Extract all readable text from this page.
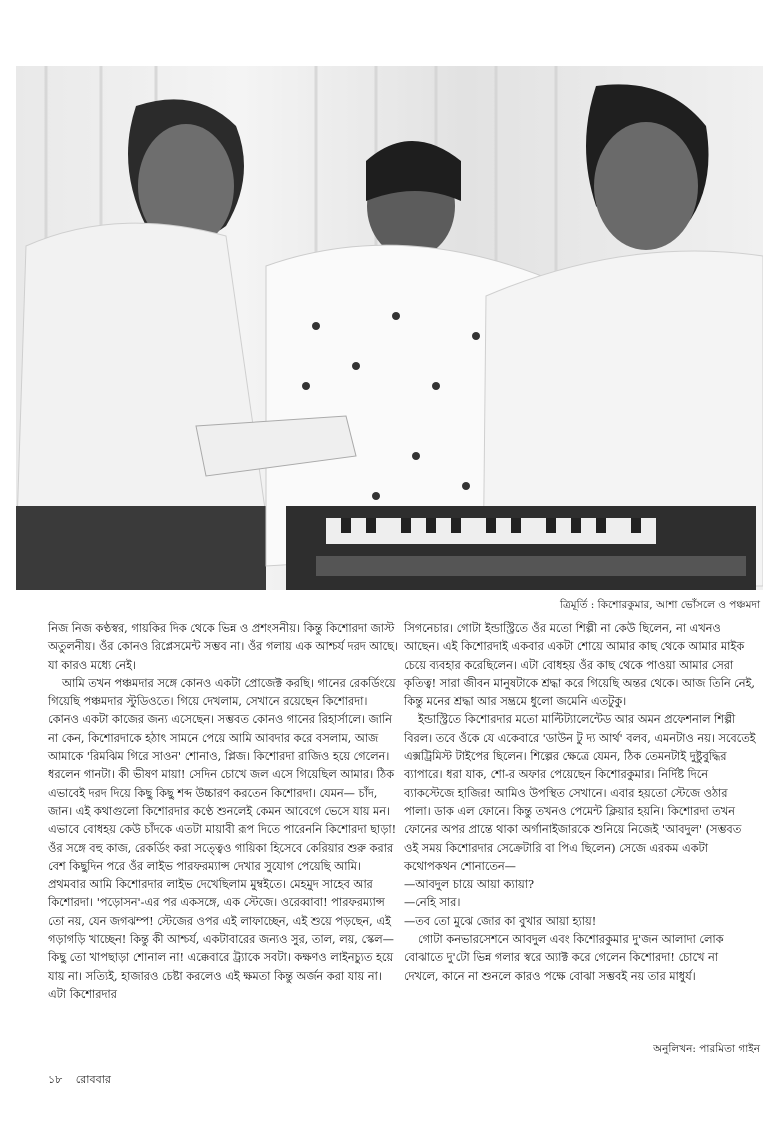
ত্রিমূর্তি : কিশোরকুমার, আশা ভোঁসলে ও পঞ্চমদা

নিজ নিজ কণ্ঠস্বর, গায়কির দিক থেকে ভিন্ন ও প্রশংসনীয়। কিন্তু কিশোরদা জাস্ট অতুলনীয়। ওঁর কোনও রিপ্লেসমেন্ট সম্ভব না। ওঁর গলায় এক আশ্চর্য দরদ আছে। যা কারও মধ্যে নেই।

আমি তখন পঞ্চমদার সঙ্গে কোনও একটা প্রোজেক্ট করছি। গানের রেকর্ডিংয়ে গিয়েছি পঞ্চমদার স্টুডিওতে। গিয়ে দেখলাম, সেখানে রয়েছেন কিশোরদা। কোনও একটা কাজের জন্য এসেছেন। সম্ভবত কোনও গানের রিহার্সালে। জানি না কেন, কিশোরদাকে হঠাৎ সামনে পেয়ে আমি আবদার করে বসলাম, আজ আমাকে 'রিমঝিম গিরে সাওন' শোনাও, প্লিজ। কিশোরদা রাজিও হয়ে গেলেন। ধরলেন গানটা। কী ভীষণ মায়া! সেদিন চোখে জল এসে গিয়েছিল আমার। ঠিক এভাবেই দরদ দিয়ে কিছু কিছু শব্দ উচ্চারণ করতেন কিশোরদা। যেমন— চাঁদ, জান। এই কথাগুলো কিশোরদার কণ্ঠে শুনলেই কেমন আবেগে ভেসে যায় মন। এভাবে বোধহয় কেউ চাঁদকে এতটা মায়াবী রূপ দিতে পারেননি কিশোরদা ছাড়া! ওঁর সঙ্গে বহু কাজ, রেকর্ডিং করা সত্ত্বেও গায়িকা হিসেবে কেরিয়ার শুরু করার বেশ কিছুদিন পরে ওঁর লাইভ পারফরম্যান্স দেখার সুযোগ পেয়েছি আমি। প্রথমবার আমি কিশোরদার লাইভ দেখেছিলাম মুম্বইতে। মেহমুদ সাহেব আর কিশোরদা। 'পড়োসন'-এর পর একসঙ্গে, এক স্টেজে। ওরেব্বাবা! পারফরম্যান্স তো নয়, যেন জগঝম্প! স্টেজের ওপর এই লাফাচ্ছেন, এই শুয়ে পড়ছেন, এই গড়াগড়ি খাচ্ছেন! কিন্তু কী আশ্চর্য, একটাবারের জন্যও সুর, তাল, লয়, স্কেল— কিছু তো খাপছাড়া শোনাল না! এক্কেবারে ট্র্যাকে সবটা। কক্ষণও লাইনচ্যুত হয়ে যায় না। সত্যিই, হাজারও চেষ্টা করলেও এই ক্ষমতা কিন্তু অর্জন করা যায় না। এটা কিশোরদার

সিগনেচার। গোটা ইন্ডাস্ট্রিতে ওঁর মতো শিল্পী না কেউ ছিলেন, না এখনও আছেন। এই কিশোরদাই একবার একটা শোয়ে আমার কাছ থেকে আমার মাইক চেয়ে ব্যবহার করেছিলেন। এটা বোধহয় ওঁর কাছ থেকে পাওয়া আমার সেরা কৃতিত্ব! সারা জীবন মানুষটাকে শ্রদ্ধা করে গিয়েছি অন্তর থেকে। আজ তিনি নেই, কিন্তু মনের শ্রদ্ধা আর সম্ভ্রমে ধুলো জমেনি এতটুকু।

ইন্ডাস্ট্রিতে কিশোরদার মতো মাল্টিট্যালেন্টেড আর অমন প্রফেশনাল শিল্পী বিরল। তবে ওঁকে যে একেবারে 'ডাউন টু দ্য আর্থ' বলব, এমনটাও নয়। সবেতেই এক্সট্রিমিস্ট টাইপের ছিলেন। শিল্পের ক্ষেত্রে যেমন, ঠিক তেমনটাই দুষ্টুবুদ্ধির ব্যাপারে। ধরা যাক, শো-র অফার পেয়েছেন কিশোরকুমার। নির্দিষ্ট দিনে ব্যাকস্টেজে হাজির! আমিও উপস্থিত সেখানে। এবার হয়তো স্টেজে ওঠার পালা। ডাক এল ফোনে। কিন্তু তখনও পেমেন্ট ক্লিয়ার হয়নি। কিশোরদা তখন ফোনের অপর প্রান্তে থাকা অর্গানাইজারকে শুনিয়ে নিজেই 'আবদুল' (সম্ভবত ওই সময় কিশোরদার সেক্রেটারি বা পিএ ছিলেন) সেজে এরকম একটা কথোপকথন শোনাতেন—

—আবদুল চায়ে আয়া ক্যায়া?

—নেহি সার।

—তব তো মুঝে জোর কা বুখার আয়া হ্যায়!

গোটা কনভারসেশনে আবদুল এবং কিশোরকুমার দু'জন আলাদা লোক বোঝাতে দু'টো ভিন্ন গলার স্বরে অ্যাক্ট করে গেলেন কিশোরদা! চোখে না দেখলে, কানে না শুনলে কারও পক্ষে বোঝা সম্ভবই নয় তার মাধুর্য।

অনুলিখন: পারমিতা গাইন
১৮ রোববার
